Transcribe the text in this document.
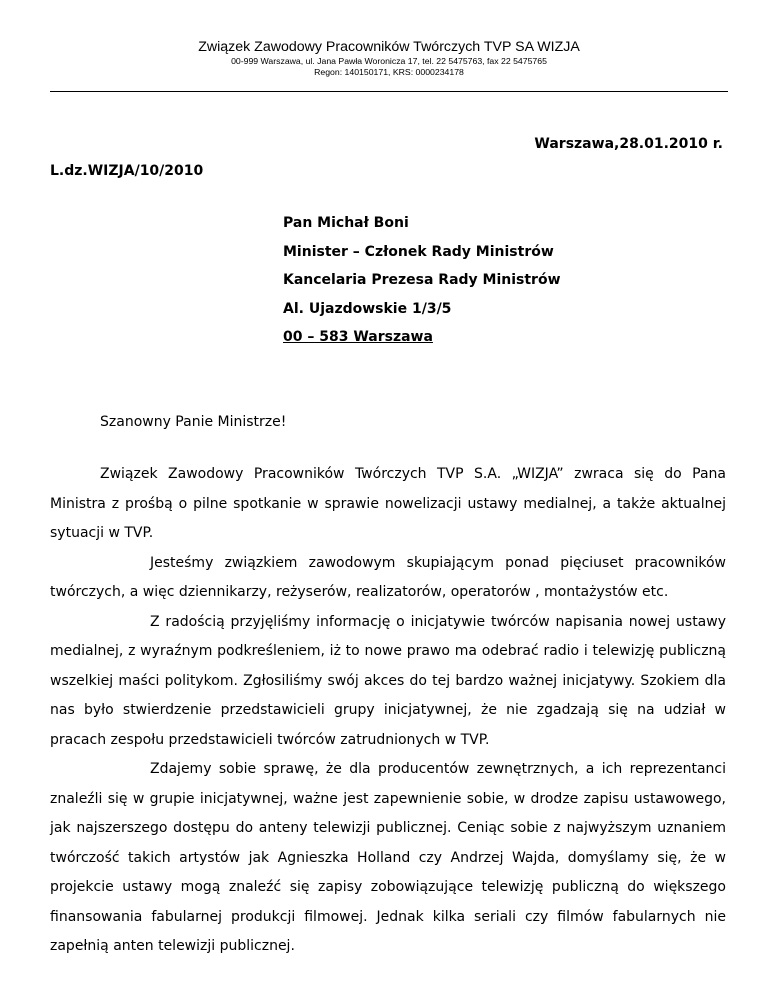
Związek Zawodowy Pracowników Twórczych TVP SA WIZJA
00-999 Warszawa, ul. Jana Pawła Woronicza 17, tel. 22 5475763, fax 22 5475765
Regon: 140150171, KRS: 0000234178
Warszawa,28.01.2010 r.
L.dz.WIZJA/10/2010
Pan Michał Boni
Minister – Członek Rady Ministrów
Kancelaria Prezesa Rady Ministrów
Al. Ujazdowskie 1/3/5
00 – 583 Warszawa
Szanowny Panie Ministrze!

Związek Zawodowy Pracowników Twórczych TVP S.A. „WIZJA” zwraca się do Pana Ministra z prośbą o pilne spotkanie w sprawie nowelizacji ustawy medialnej, a także aktualnej sytuacji w TVP.

Jesteśmy związkiem zawodowym skupiającym ponad pięciuset pracowników twórczych, a więc dziennikarzy, reżyserów, realizatorów, operatorów , montażystów etc.

Z radością przyjęliśmy informację o inicjatywie twórców napisania nowej ustawy medialnej, z wyraźnym podkreśleniem, iż to nowe prawo ma odebrać radio i telewizję publiczną wszelkiej maści politykom. Zgłosiliśmy swój akces do tej bardzo ważnej inicjatywy. Szokiem dla nas było stwierdzenie przedstawicieli grupy inicjatywnej, że nie zgadzają się na udział w pracach zespołu przedstawicieli twórców zatrudnionych w TVP.

Zdajemy sobie sprawę, że dla producentów zewnętrznych, a ich reprezentanci znaleźli się w grupie inicjatywnej, ważne jest zapewnienie sobie, w drodze zapisu ustawowego, jak najszerszego dostępu do anteny telewizji publicznej. Ceniąc sobie z najwyższym uznaniem twórczość takich artystów jak Agnieszka Holland czy Andrzej Wajda, domyślamy się, że w projekcie ustawy mogą znaleźć się zapisy zobowiązujące telewizję publiczną do większego finansowania fabularnej produkcji filmowej. Jednak kilka seriali czy filmów fabularnych nie zapełnią anten telewizji publicznej.
